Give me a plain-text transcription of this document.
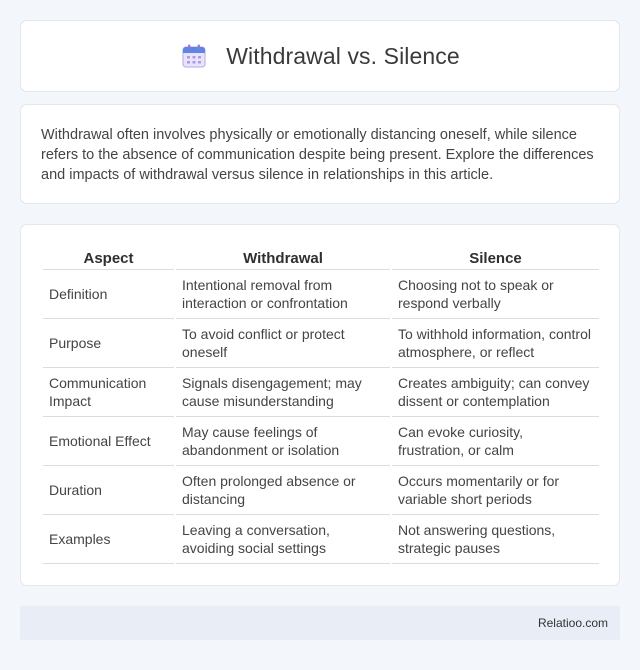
Withdrawal vs. Silence

Withdrawal often involves physically or emotionally distancing oneself, while silence refers to the absence of communication despite being present. Explore the differences and impacts of withdrawal versus silence in relationships in this article.

Aspect	Withdrawal	Silence
Definition	Intentional removal from interaction or confrontation	Choosing not to speak or respond verbally
Purpose	To avoid conflict or protect oneself	To withhold information, control atmosphere, or reflect
Communication Impact	Signals disengagement; may cause misunderstanding	Creates ambiguity; can convey dissent or contemplation
Emotional Effect	May cause feelings of abandonment or isolation	Can evoke curiosity, frustration, or calm
Duration	Often prolonged absence or distancing	Occurs momentarily or for variable short periods
Examples	Leaving a conversation, avoiding social settings	Not answering questions, strategic pauses
Relatioo.com
